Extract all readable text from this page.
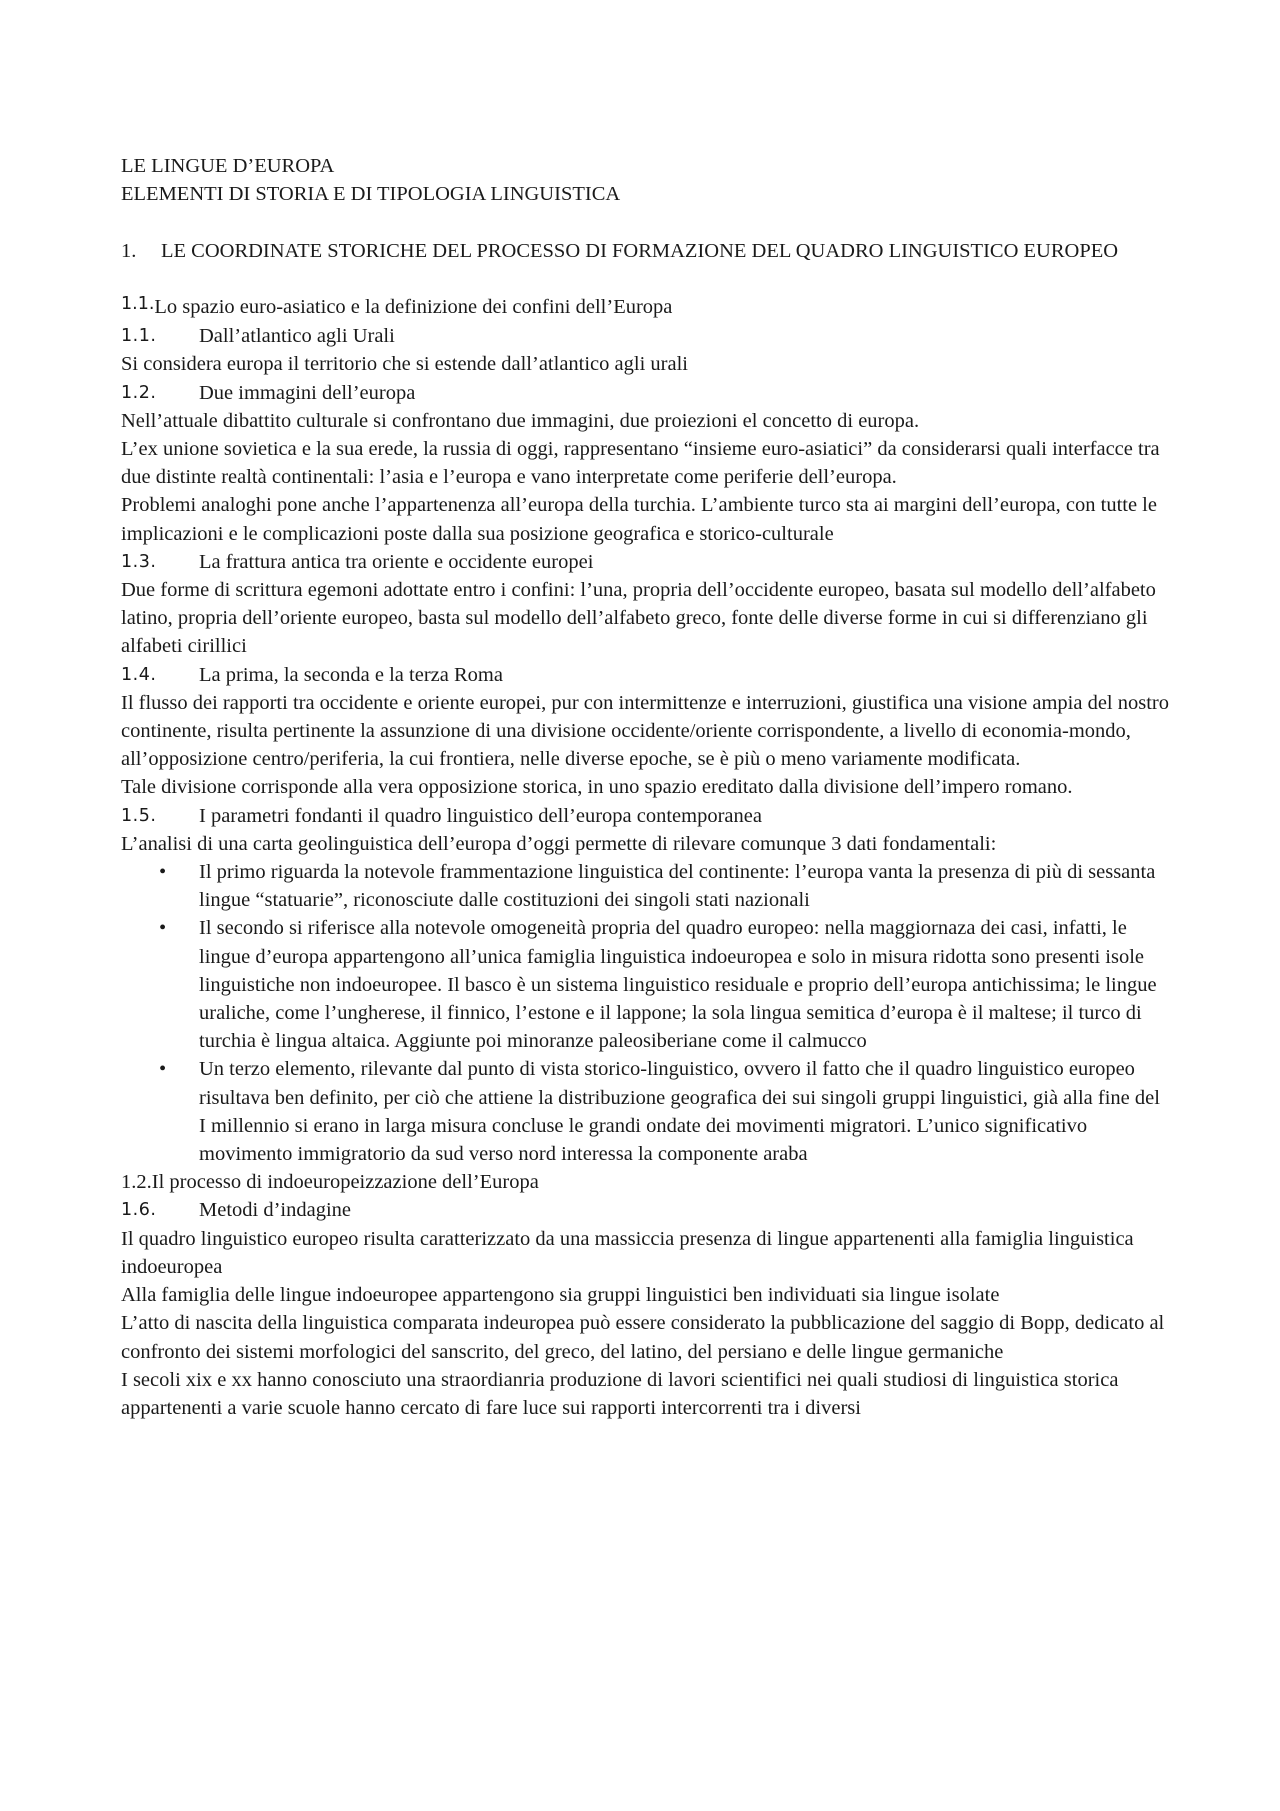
LE LINGUE D’EUROPA

ELEMENTI DI STORIA E DI TIPOLOGIA LINGUISTICA

1.	LE COORDINATE STORICHE DEL PROCESSO DI FORMAZIONE DEL QUADRO LINGUISTICO EUROPEO
1.1. Lo spazio euro-asiatico e la definizione dei confini dell’Europa
1.1.	Dall’atlantico agli Urali

Si considera europa il territorio che si estende dall’atlantico agli urali

1.2.	Due immagini dell’europa

Nell’attuale dibattito culturale si confrontano due immagini, due proiezioni el concetto di europa.

L’ex unione sovietica e la sua erede, la russia di oggi, rappresentano “insieme euro-asiatici” da considerarsi quali interfacce tra due distinte realtà continentali: l’asia e l’europa e vano interpretate come periferie dell’europa.

Problemi analoghi pone anche l’appartenenza all’europa della turchia. L’ambiente turco sta ai margini dell’europa, con tutte le implicazioni e le complicazioni poste dalla sua posizione geografica e storico-culturale

1.3.	La frattura antica tra oriente e occidente europei

Due forme di scrittura egemoni adottate entro i confini: l’una, propria dell’occidente europeo, basata sul modello dell’alfabeto latino, propria dell’oriente europeo, basta sul modello dell’alfabeto greco, fonte delle diverse forme in cui si differenziano gli alfabeti cirillici

1.4.	La prima, la seconda e la terza Roma

Il flusso dei rapporti tra occidente e oriente europei, pur con intermittenze e interruzioni, giustifica una visione ampia del nostro continente, risulta pertinente la assunzione di una divisione occidente/oriente corrispondente, a livello di economia-mondo, all’opposizione centro/periferia, la cui frontiera, nelle diverse epoche, se è più o meno variamente modificata.

Tale divisione corrisponde alla vera opposizione storica, in uno spazio ereditato dalla divisione dell’impero romano.

1.5.	I parametri fondanti il quadro linguistico dell’europa contemporanea

L’analisi di una carta geolinguistica dell’europa d’oggi permette di rilevare comunque 3 dati fondamentali:

•	Il primo riguarda la notevole frammentazione linguistica del continente: l’europa vanta la presenza di più di sessanta lingue “statuarie”, riconosciute dalle costituzioni dei singoli stati nazionali
•	Il secondo si riferisce alla notevole omogeneità propria del quadro europeo: nella maggiornaza dei casi, infatti, le lingue d’europa appartengono all’unica famiglia linguistica indoeuropea e solo in misura ridotta sono presenti isole linguistiche non indoeuropee. Il basco è un sistema linguistico residuale e proprio dell’europa antichissima; le lingue uraliche, come l’ungherese, il finnico, l’estone e il lappone; la sola lingua semitica d’europa è il maltese; il turco di turchia è lingua altaica. Aggiunte poi minoranze paleosiberiane come il calmucco
•	Un terzo elemento, rilevante dal punto di vista storico-linguistico, ovvero il fatto che il quadro linguistico europeo risultava ben definito, per ciò che attiene la distribuzione geografica dei sui singoli gruppi linguistici, già alla fine del I millennio si erano in larga misura concluse le grandi ondate dei movimenti migratori. L’unico significativo movimento immigratorio da sud verso nord interessa la componente araba

1.2.Il processo di indoeuropeizzazione dell’Europa

1.6.	Metodi d’indagine

Il quadro linguistico europeo risulta caratterizzato da una massiccia presenza di lingue appartenenti alla famiglia linguistica indoeuropea

Alla famiglia delle lingue indoeuropee appartengono sia gruppi linguistici ben individuati sia lingue isolate

L’atto di nascita della linguistica comparata indeuropea può essere considerato la pubblicazione del saggio di Bopp, dedicato al confronto dei sistemi morfologici del sanscrito, del greco, del latino, del persiano e delle lingue germaniche

I secoli xix e xx hanno conosciuto una straordianria produzione di lavori scientifici nei quali studiosi di linguistica storica appartenenti a varie scuole hanno cercato di fare luce sui rapporti intercorrenti tra i diversi
